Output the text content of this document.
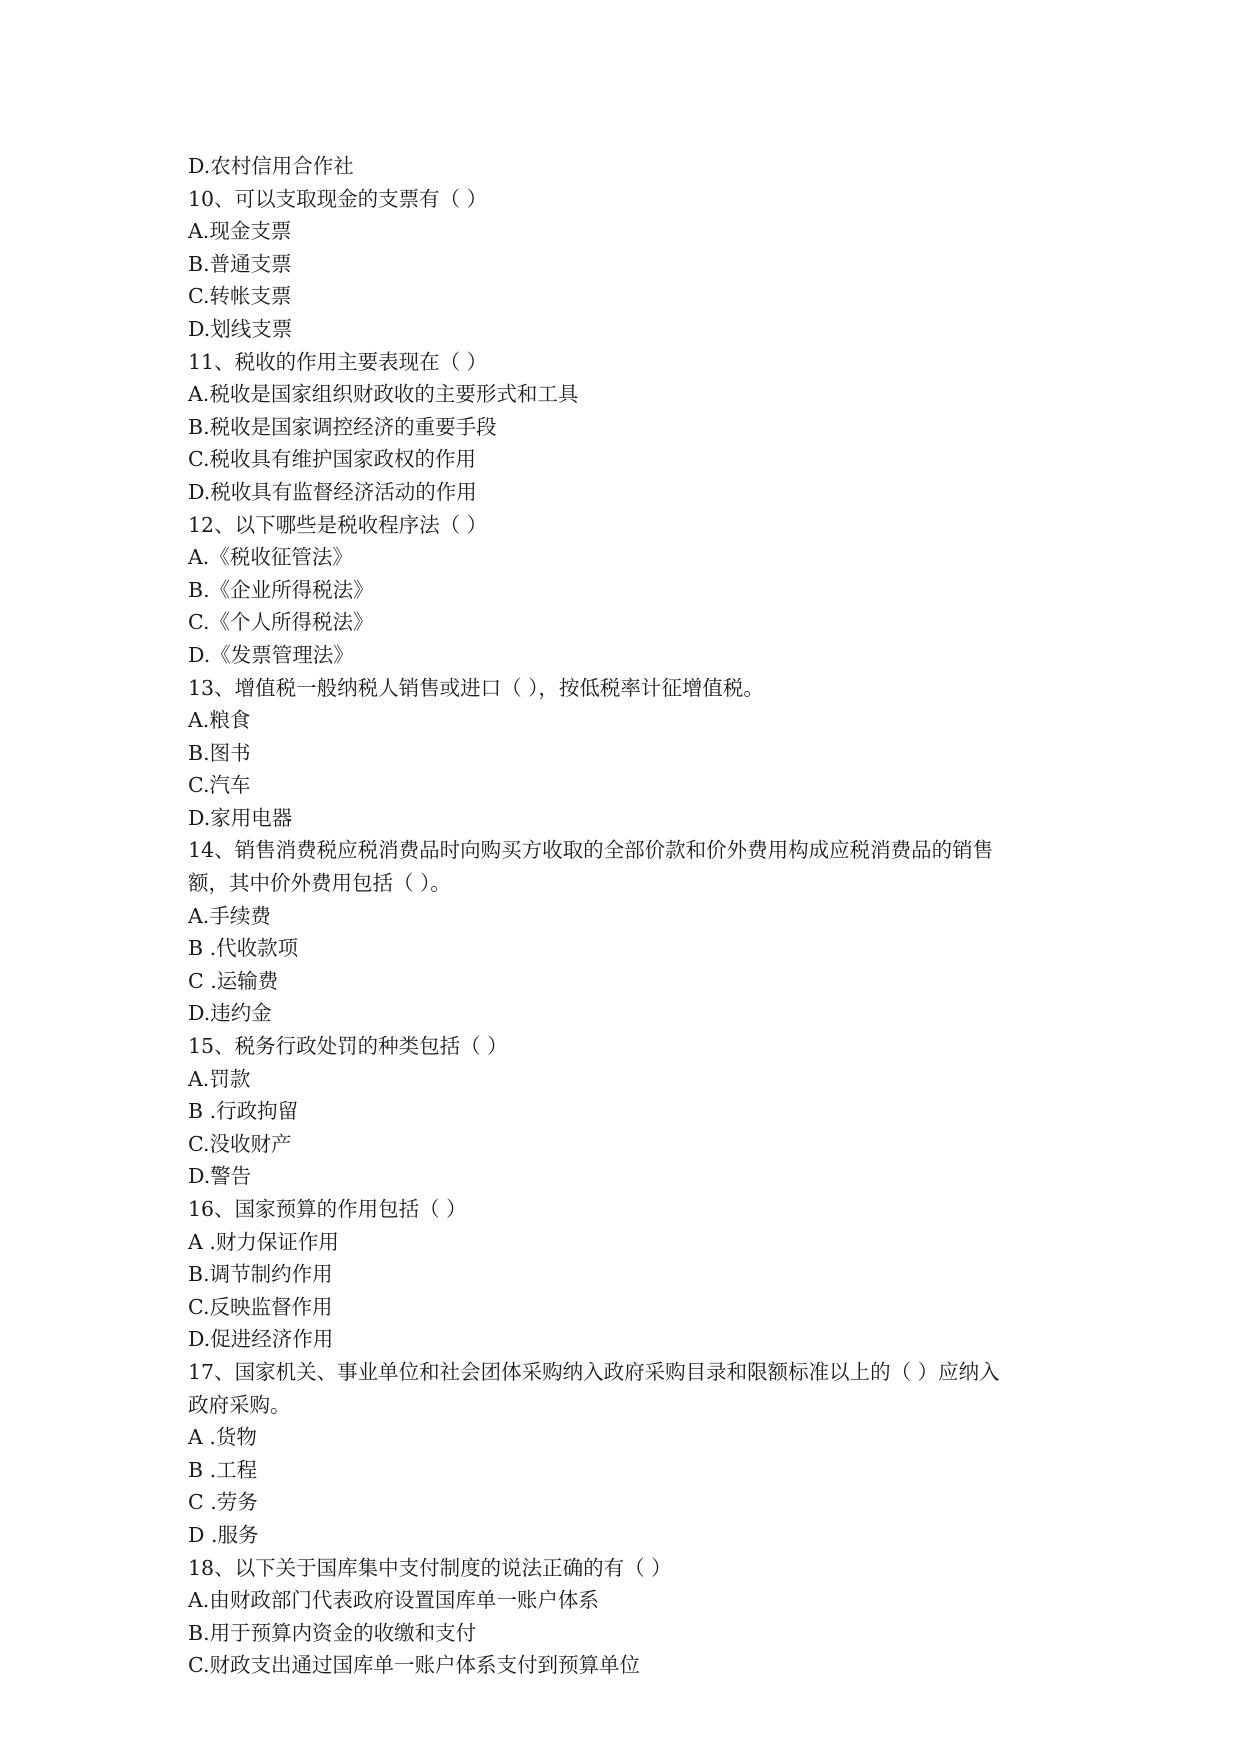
D.农村信用合作社
10、可以支取现金的支票有（ ）
A.现金支票
B.普通支票
C.转帐支票
D.划线支票
11、税收的作用主要表现在（ ）
A.税收是国家组织财政收的主要形式和工具
B.税收是国家调控经济的重要手段
C.税收具有维护国家政权的作用
D.税收具有监督经济活动的作用
12、以下哪些是税收程序法（ ）
A.《税收征管法》
B.《企业所得税法》
C.《个人所得税法》
D.《发票管理法》
13、增值税一般纳税人销售或进口（ ），按低税率计征增值税。
A.粮食
B.图书
C.汽车
D.家用电器
14、销售消费税应税消费品时向购买方收取的全部价款和价外费用构成应税消费品的销售
额，其中价外费用包括（ ）。
A.手续费
B .代收款项
C .运输费
D.违约金
15、税务行政处罚的种类包括（ ）
A.罚款
B .行政拘留
C.没收财产
D.警告
16、国家预算的作用包括（ ）
A .财力保证作用
B.调节制约作用
C.反映监督作用
D.促进经济作用
17、国家机关、事业单位和社会团体采购纳入政府采购目录和限额标准以上的（ ）应纳入
政府采购。
A .货物
B .工程
C .劳务
D .服务
18、以下关于国库集中支付制度的说法正确的有（ ）
A.由财政部门代表政府设置国库单一账户体系
B.用于预算内资金的收缴和支付
C.财政支出通过国库单一账户体系支付到预算单位
